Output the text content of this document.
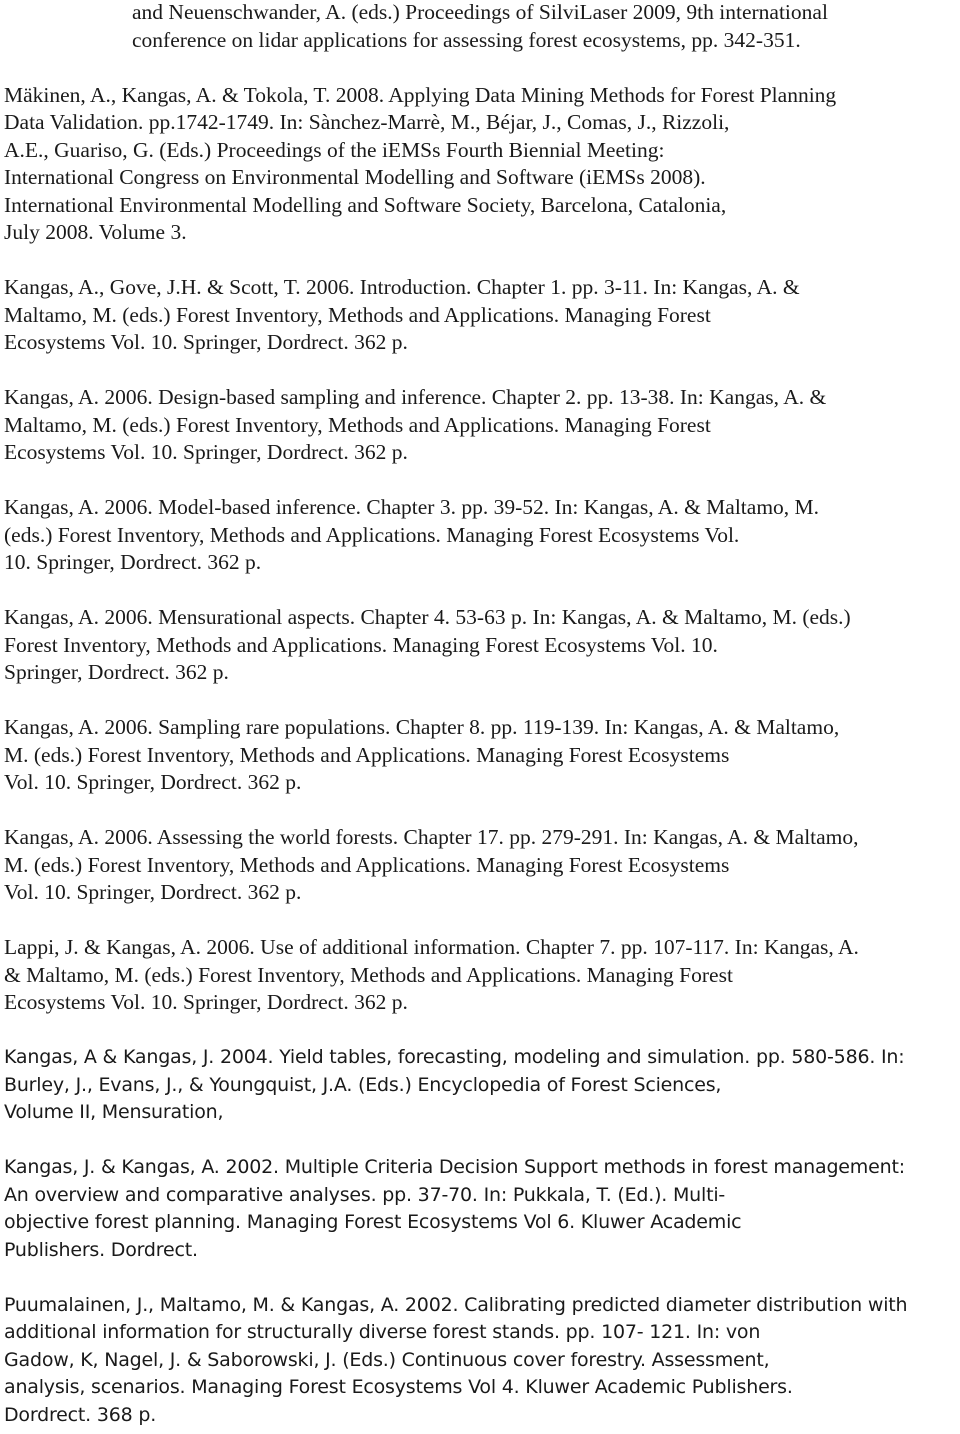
and Neuenschwander, A. (eds.) Proceedings of SilviLaser 2009, 9th international
conference on lidar applications for assessing forest ecosystems, pp. 342-351.
Mäkinen, A., Kangas, A. & Tokola, T. 2008. Applying Data Mining Methods for Forest Planning
Data Validation. pp.1742-1749. In: Sànchez-Marrè, M., Béjar, J., Comas, J., Rizzoli,
A.E., Guariso, G. (Eds.) Proceedings of the iEMSs Fourth Biennial Meeting:
International Congress on Environmental Modelling and Software (iEMSs 2008).
International Environmental Modelling and Software Society, Barcelona, Catalonia,
July 2008. Volume 3.
Kangas, A., Gove, J.H. & Scott, T. 2006. Introduction. Chapter 1. pp. 3-11. In: Kangas, A. &
Maltamo, M. (eds.) Forest Inventory, Methods and Applications. Managing Forest
Ecosystems Vol. 10. Springer, Dordrect. 362 p.
Kangas, A. 2006. Design-based sampling and inference. Chapter 2. pp. 13-38. In: Kangas, A. &
Maltamo, M. (eds.) Forest Inventory, Methods and Applications. Managing Forest
Ecosystems Vol. 10. Springer, Dordrect. 362 p.
Kangas, A. 2006. Model-based inference. Chapter 3. pp. 39-52. In: Kangas, A. & Maltamo, M.
(eds.) Forest Inventory, Methods and Applications. Managing Forest Ecosystems Vol.
10. Springer, Dordrect. 362 p.
Kangas, A. 2006. Mensurational aspects. Chapter 4. 53-63 p. In: Kangas, A. & Maltamo, M. (eds.)
Forest Inventory, Methods and Applications. Managing Forest Ecosystems Vol. 10.
Springer, Dordrect. 362 p.
Kangas, A. 2006. Sampling rare populations. Chapter 8. pp. 119-139. In: Kangas, A. & Maltamo,
M. (eds.) Forest Inventory, Methods and Applications. Managing Forest Ecosystems
Vol. 10. Springer, Dordrect. 362 p.
Kangas, A. 2006. Assessing the world forests. Chapter 17. pp. 279-291. In: Kangas, A. & Maltamo,
M. (eds.) Forest Inventory, Methods and Applications. Managing Forest Ecosystems
Vol. 10. Springer, Dordrect. 362 p.
Lappi, J. & Kangas, A. 2006. Use of additional information. Chapter 7. pp. 107-117. In: Kangas, A.
& Maltamo, M. (eds.) Forest Inventory, Methods and Applications. Managing Forest
Ecosystems Vol. 10. Springer, Dordrect. 362 p.
Kangas, A & Kangas, J. 2004. Yield tables, forecasting, modeling and simulation. pp. 580-586. In:
Burley, J., Evans, J., & Youngquist, J.A. (Eds.) Encyclopedia of Forest Sciences,
Volume II, Mensuration,
Kangas, J. & Kangas, A. 2002. Multiple Criteria Decision Support methods in forest management:
An overview and comparative analyses. pp. 37-70. In: Pukkala, T. (Ed.). Multi-
objective forest planning. Managing Forest Ecosystems Vol 6. Kluwer Academic
Publishers. Dordrect.
Puumalainen, J., Maltamo, M. & Kangas, A. 2002. Calibrating predicted diameter distribution with
additional information for structurally diverse forest stands. pp. 107- 121. In: von
Gadow, K, Nagel, J. & Saborowski, J. (Eds.) Continuous cover forestry. Assessment,
analysis, scenarios. Managing Forest Ecosystems Vol 4. Kluwer Academic Publishers.
Dordrect. 368 p.
